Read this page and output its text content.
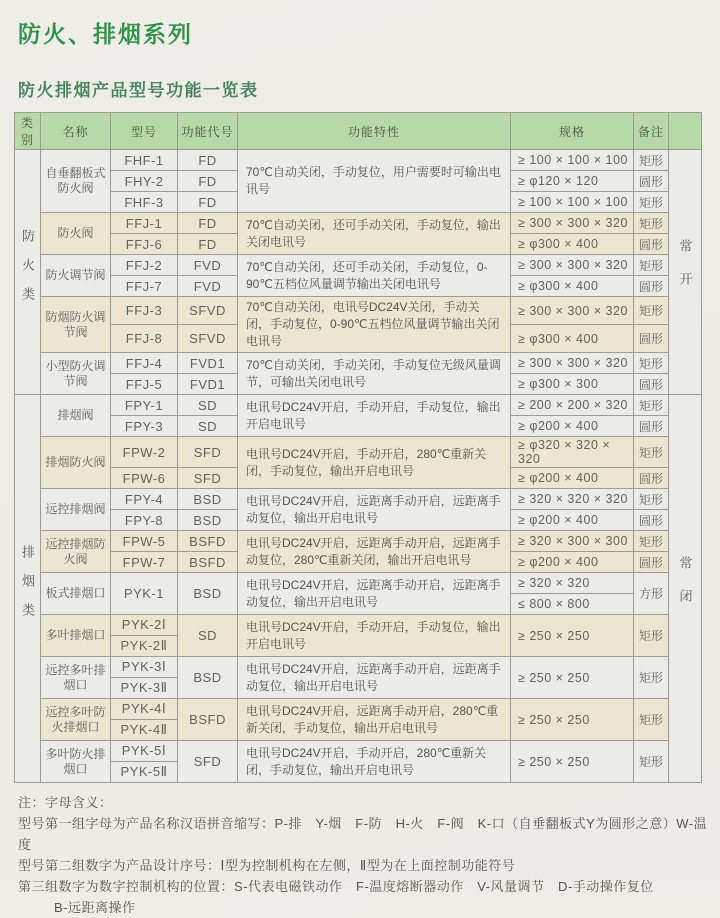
防火、排烟系列
防火排烟产品型号功能一览表
类别	名称	型号	功能代号	功能特性	规格	备注	
防火类	自垂翻板式防火阀	FHF-1	FD	70℃自动关闭，手动复位，用户需要时可输出电讯号	≥ 100 × 100 × 100	矩形	常开
		FHY-2	FD		≥ φ120 × 120	圆形	
		FHF-3	FD		≥ 100 × 100 × 100	矩形	
	防火阀	FFJ-1	FD	70℃自动关闭，还可手动关闭，手动复位，输出关闭电讯号	≥ 300 × 300 × 320	矩形	
		FFJ-6	FD		≥ φ300 × 400	圆形	
	防火调节阀	FFJ-2	FVD	70℃自动关闭，还可手动关闭，手动复位，0-90℃五档位风量调节输出关闭电讯号	≥ 300 × 300 × 320	矩形	
		FFJ-7	FVD		≥ φ300 × 400	圆形	
	防烟防火调节阀	FFJ-3	SFVD	70℃自动关闭，电讯号DC24V关闭，手动关闭，手动复位，0-90℃五档位风量调节输出关闭电讯号	≥ 300 × 300 × 320	矩形	
		FFJ-8	SFVD		≥ φ300 × 400	圆形	
	小型防火调节阀	FFJ-4	FVD1	70℃自动关闭，手动关闭，手动复位无级风量调节，可输出关闭电讯号	≥ 300 × 300 × 320	矩形	
		FFJ-5	FVD1		≥ φ300 × 300	圆形	
排烟类	排烟阀	FPY-1	SD	电讯号DC24V开启，手动开启，手动复位，输出开启电讯号	≥ 200 × 200 × 320	矩形	常闭
		FPY-3	SD		≥ φ200 × 400	圆形	
	排烟防火阀	FPW-2	SFD	电讯号DC24V开启，手动开启，280℃重新关闭，手动复位，输出开启电讯号	≥ φ320 × 320 × 320	矩形	
		FPW-6	SFD		≥ φ200 × 400	圆形	
	远控排烟阀	FPY-4	BSD	电讯号DC24V开启，远距离手动开启，远距离手动复位，输出开启电讯号	≥ 320 × 320 × 320	矩形	
		FPY-8	BSD		≥ φ200 × 400	圆形	
	远控排烟防火阀	FPW-5	BSFD	电讯号DC24V开启，远距离手动开启，远距离手动复位，280℃重新关闭，输出开启电讯号	≥ 320 × 300 × 300	矩形	
		FPW-7	BSFD		≥ φ200 × 400	圆形	
	板式排烟口	PYK-1	BSD	电讯号DC24V开启，远距离手动开启，远距离手动复位，输出开启电讯号	≥ 320 × 320	方形	
					≤ 800 × 800		
	多叶排烟口	PYK-2Ⅰ	SD	电讯号DC24V开启，手动开启，手动复位，输出开启电讯号	≥ 250 × 250	矩形	
		PYK-2Ⅱ					
	远控多叶排烟口	PYK-3Ⅰ	BSD	电讯号DC24V开启，远距离手动开启，远距离手动复位，输出开启电讯号	≥ 250 × 250	矩形	
		PYK-3Ⅱ					
	远控多叶防火排烟口	PYK-4Ⅰ	BSFD	电讯号DC24V开启，远距离手动开启，280℃重新关闭，手动复位，输出开启电讯号	≥ 250 × 250	矩形	
		PYK-4Ⅱ					
	多叶防火排烟口	PYK-5Ⅰ	SFD	电讯号DC24V开启，手动开启，280℃重新关闭，手动复位，输出开启电讯号	≥ 250 × 250	矩形	
		PYK-5Ⅱ					
注：字母含义：
型号第一组字母为产品名称汉语拼音缩写：P-排　Y-烟　F-防　H-火　F-阀　K-口（自垂翻板式Y为圆形之意）W-温度
型号第二组数字为产品设计序号：Ⅰ型为控制机构在左侧，Ⅱ型为在上面控制功能符号
第三组数字为数字控制机构的位置：S-代表电磁铁动作　F-温度熔断器动作　V-风量调节　D-手动操作复位
B-远距离操作
